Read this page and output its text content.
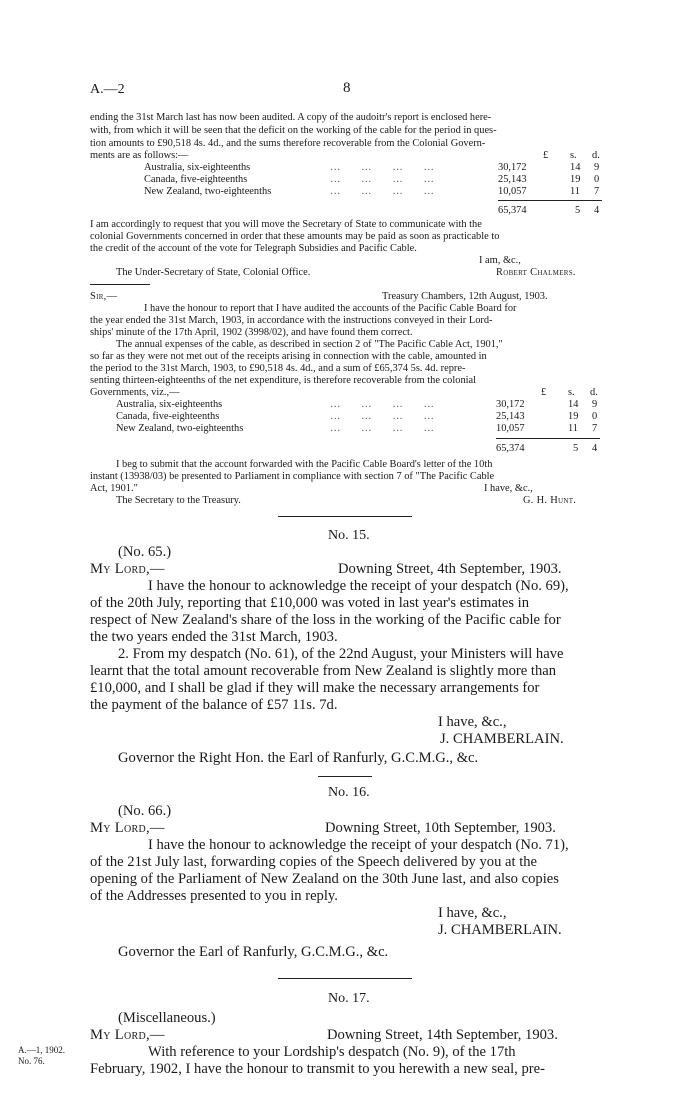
A.—2	8
ending the 31st March last has now been audited. A copy of the audoitr's report is enclosed here-
with, from which it will be seen that the deficit on the working of the cable for the period in ques-
tion amounts to £90,518 4s. 4d., and the sums therefore recoverable from the Colonial Govern-
ments are as follows:—	£ s. d.
Australia, six-eighteenths	…        …        …        …	30,172	14 9
Canada, five-eighteenths	…        …        …        …	25,143	19 0
New Zealand, two-eighteenths	…        …        …        …	10,057	11 7
65,374	5 4
I am accordingly to request that you will move the Secretary of State to communicate with the
colonial Governments concerned in order that these amounts may be paid as soon as practicable to
the credit of the account of the vote for Telegraph Subsidies and Pacific Cable.
I am, &c.,
The Under-Secretary of State, Colonial Office.	Robert Chalmers.
Sir,—	Treasury Chambers, 12th August, 1903.
I have the honour to report that I have audited the accounts of the Pacific Cable Board for
the year ended the 31st March, 1903, in accordance with the instructions conveyed in their Lord-
ships' minute of the 17th April, 1902 (3998/02), and have found them correct.
The annual expenses of the cable, as described in section 2 of "The Pacific Cable Act, 1901,"
so far as they were not met out of the receipts arising in connection with the cable, amounted in
the period to the 31st March, 1903, to £90,518 4s. 4d., and a sum of £65,374 5s. 4d. repre-
senting thirteen-eighteenths of the net expenditure, is therefore recoverable from the colonial
Governments, viz.,—	£ s. d.
Australia, six-eighteenths	…        …        …        …	30,172	14 9
Canada, five-eighteenths	…        …        …        …	25,143	19 0
New Zealand, two-eighteenths	…        …        …        …	10,057	11 7
65,374	5 4
I beg to submit that the account forwarded with the Pacific Cable Board's letter of the 10th
instant (13938/03) be presented to Parliament in compliance with section 7 of "The Pacific Cable
Act, 1901."	I have, &c.,
The Secretary to the Treasury.	G. H. Hunt.
No. 15.
(No. 65.)
My Lord,—	Downing Street, 4th September, 1903.
I have the honour to acknowledge the receipt of your despatch (No. 69),
of the 20th July, reporting that £10,000 was voted in last year's estimates in
respect of New Zealand's share of the loss in the working of the Pacific cable for
the two years ended the 31st March, 1903.
2. From my despatch (No. 61), of the 22nd August, your Ministers will have
learnt that the total amount recoverable from New Zealand is slightly more than
£10,000, and I shall be glad if they will make the necessary arrangements for
the payment of the balance of £57 11s. 7d.
I have, &c.,
J. CHAMBERLAIN.
Governor the Right Hon. the Earl of Ranfurly, G.C.M.G., &c.
No. 16.
(No. 66.)
My Lord,—	Downing Street, 10th September, 1903.
I have the honour to acknowledge the receipt of your despatch (No. 71),
of the 21st July last, forwarding copies of the Speech delivered by you at the
opening of the Parliament of New Zealand on the 30th June last, and also copies
of the Addresses presented to you in reply.
I have, &c.,
J. CHAMBERLAIN.
Governor the Earl of Ranfurly, G.C.M.G., &c.
No. 17.
(Miscellaneous.)
My Lord,—	Downing Street, 14th September, 1903.
With reference to your Lordship's despatch (No. 9), of the 17th
February, 1902, I have the honour to transmit to you herewith a new seal, pre-
A.—1, 1902.
No. 76.
